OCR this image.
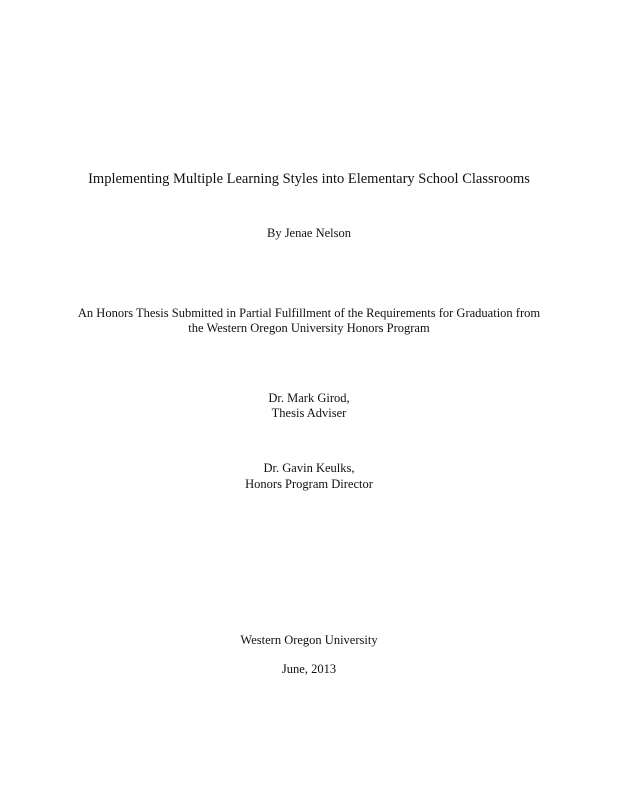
Implementing Multiple Learning Styles into Elementary School Classrooms
By Jenae Nelson
An Honors Thesis Submitted in Partial Fulfillment of the Requirements for Graduation from
the Western Oregon University Honors Program
Dr. Mark Girod,
Thesis Adviser
Dr. Gavin Keulks,
Honors Program Director
Western Oregon University
June, 2013
